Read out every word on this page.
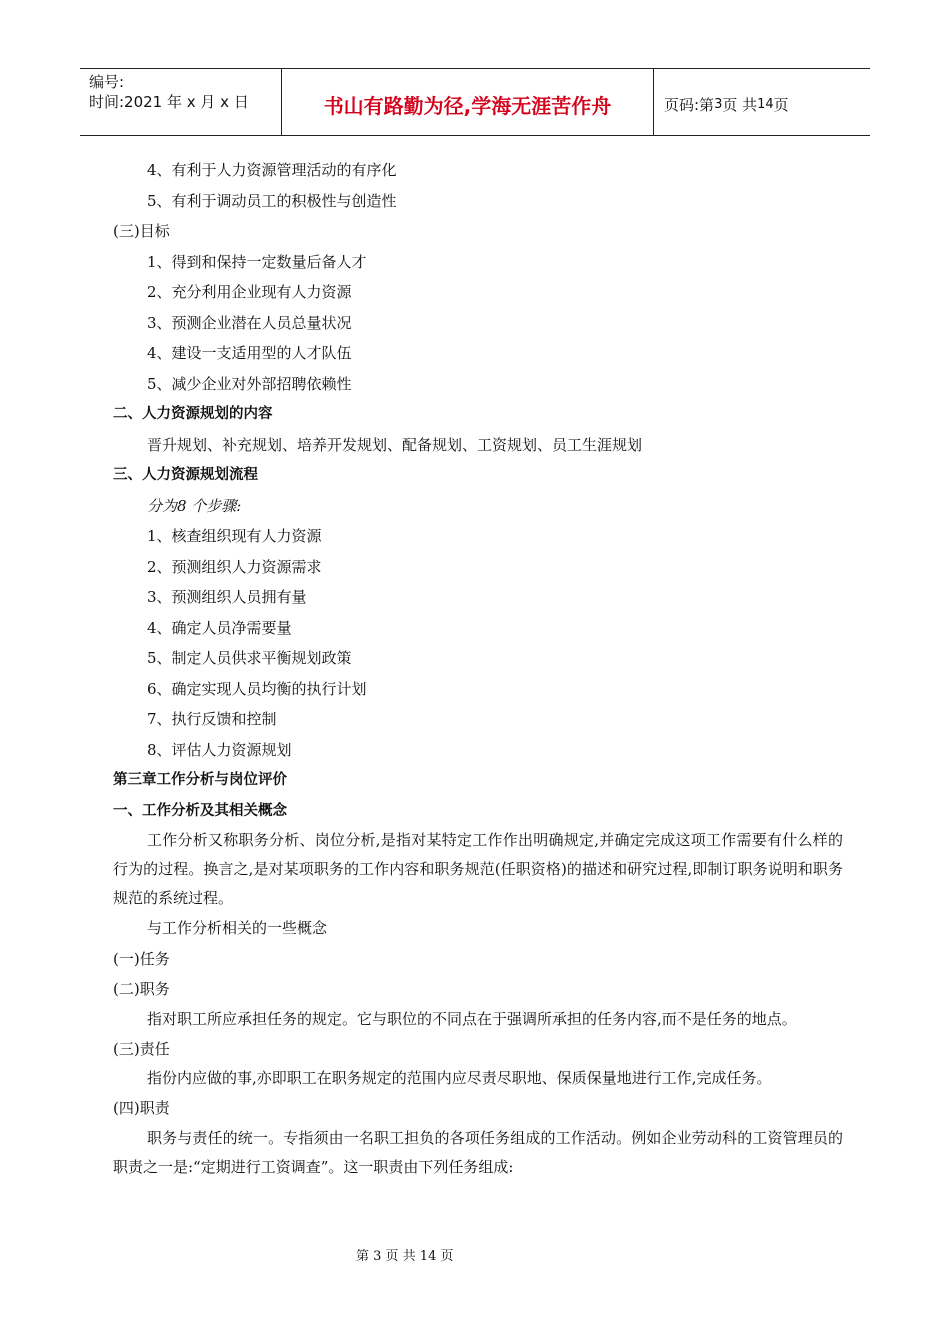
编号:
时间:2021 年 x 月 x 日	书山有路勤为径,学海无涯苦作舟	页码:第 3 页 共 14 页
4、有利于人力资源管理活动的有序化
5、有利于调动员工的积极性与创造性
(三)目标
1、得到和保持一定数量后备人才
2、充分利用企业现有人力资源
3、预测企业潜在人员总量状况
4、建设一支适用型的人才队伍
5、减少企业对外部招聘依赖性
二、人力资源规划的内容
晋升规划、补充规划、培养开发规划、配备规划、工资规划、员工生涯规划
三、人力资源规划流程
分为8 个步骤:
1、核查组织现有人力资源
2、预测组织人力资源需求
3、预测组织人员拥有量
4、确定人员净需要量
5、制定人员供求平衡规划政策
6、确定实现人员均衡的执行计划
7、执行反馈和控制
8、评估人力资源规划
第三章工作分析与岗位评价
一、工作分析及其相关概念

工作分析又称职务分析、岗位分析,是指对某特定工作作出明确规定,并确定完成这项工作需要有什么样的行为的过程。换言之,是对某项职务的工作内容和职务规范(任职资格)的描述和研究过程,即制订职务说明和职务规范的系统过程。

与工作分析相关的一些概念
(一)任务
(二)职务

指对职工所应承担任务的规定。它与职位的不同点在于强调所承担的任务内容,而不是任务的地点。

(三)责任

指份内应做的事,亦即职工在职务规定的范围内应尽责尽职地、保质保量地进行工作,完成任务。

(四)职责

职务与责任的统一。专指须由一名职工担负的各项任务组成的工作活动。例如企业劳动科的工资管理员的职责之一是:“定期进行工资调查”。这一职责由下列任务组成:

第 3 页 共 14 页
